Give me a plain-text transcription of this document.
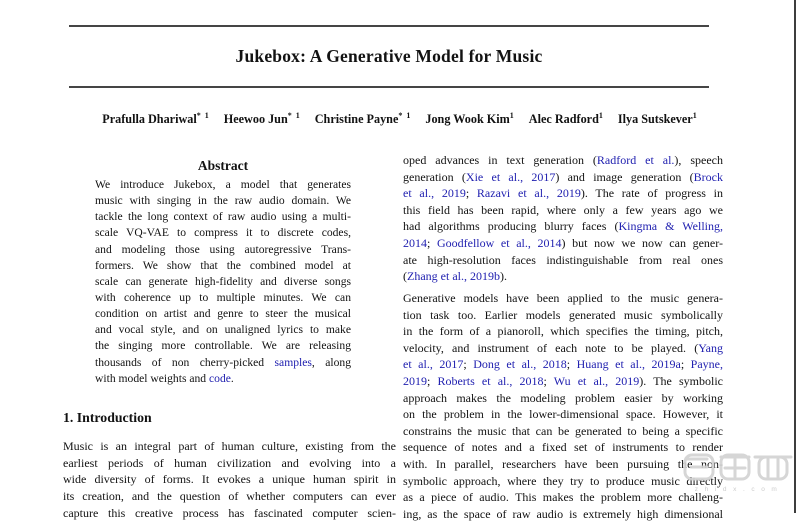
Jukebox: A Generative Model for Music
Prafulla Dhariwal$^{* 1}$ Heewoo Jun$^{* 1}$ Christine Payne$^{* 1}$ Jong Wook Kim$^1$ Alec Radford$^1$ Ilya Sutskever$^1$
Abstract
We introduce Jukebox, a model that generates
music with singing in the raw audio domain. We
tackle the long context of raw audio using a multi-
scale VQ-VAE to compress it to discrete codes,
and modeling those using autoregressive Trans-
formers. We show that the combined model at
scale can generate high-fidelity and diverse songs
with coherence up to multiple minutes. We can
condition on artist and genre to steer the musical
and vocal style, and on unaligned lyrics to make
the singing more controllable. We are releasing
thousands of non cherry-picked samples, along
with model weights and code.
1. Introduction
Music is an integral part of human culture, existing from the
earliest periods of human civilization and evolving into a
wide diversity of forms. It evokes a unique human spirit in
its creation, and the question of whether computers can ever
capture this creative process has fascinated computer scien-
oped advances in text generation (Radford et al.), speech
generation (Xie et al., 2017) and image generation (Brock
et al., 2019; Razavi et al., 2019). The rate of progress in
this field has been rapid, where only a few years ago we
had algorithms producing blurry faces (Kingma & Welling,
2014; Goodfellow et al., 2014) but now we now can gener-
ate high-resolution faces indistinguishable from real ones
(Zhang et al., 2019b).
Generative models have been applied to the music genera-
tion task too. Earlier models generated music symbolically
in the form of a pianoroll, which specifies the timing, pitch,
velocity, and instrument of each note to be played. (Yang
et al., 2017; Dong et al., 2018; Huang et al., 2019a; Payne,
2019; Roberts et al., 2018; Wu et al., 2019). The symbolic
approach makes the modeling problem easier by working
on the problem in the lower-dimensional space. However, it
constrains the music that can be generated to being a specific
sequence of notes and a fixed set of instruments to render
with. In parallel, researchers have been pursuing the non-
symbolic approach, where they try to produce music directly
as a piece of audio. This makes the problem more challeng-
ing, as the space of raw audio is extremely high dimensional
z h i d x . c o m
